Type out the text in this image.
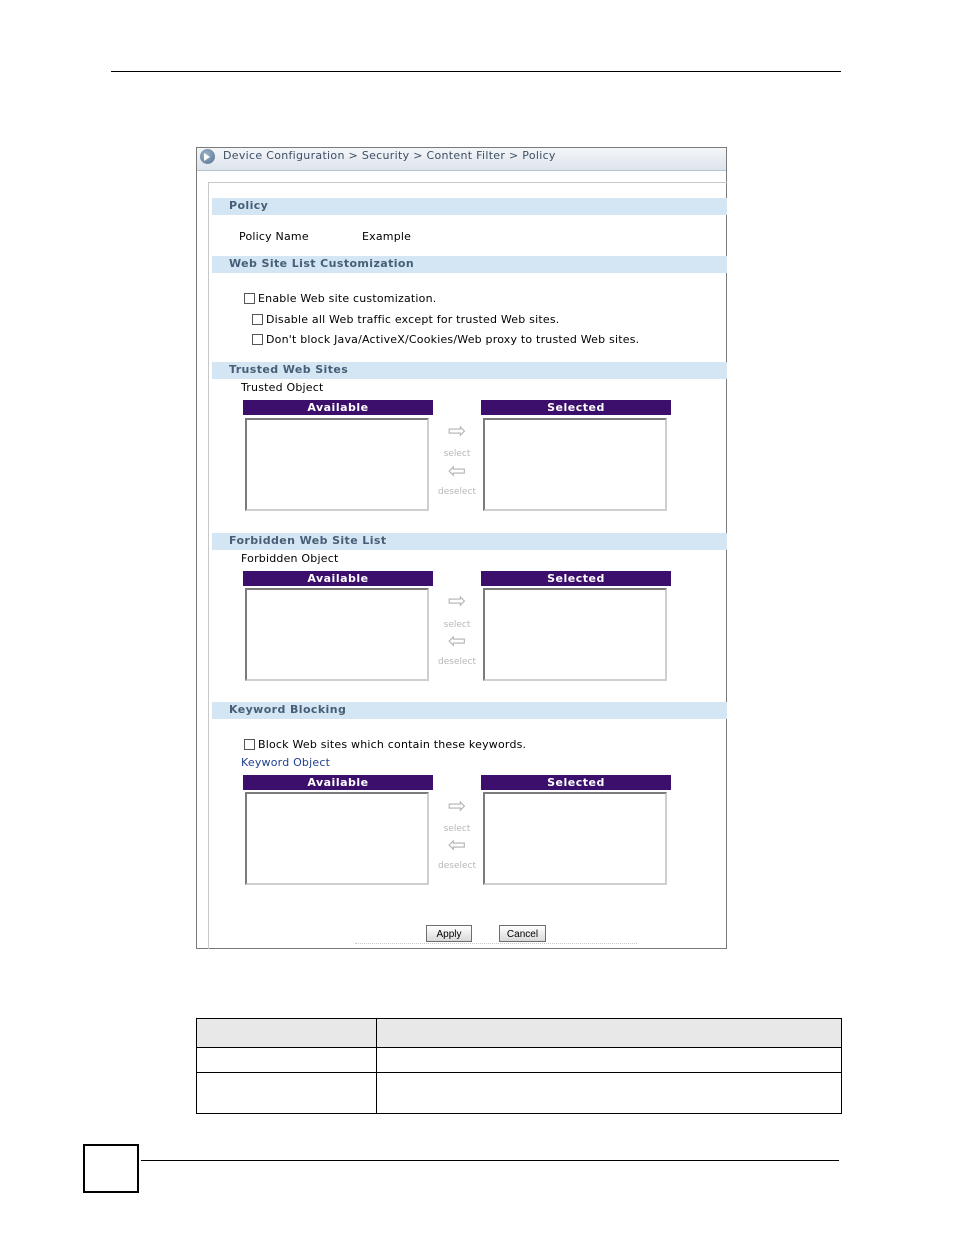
Device Configuration > Security > Content Filter > Policy
Policy
Policy Name	Example
Web Site List Customization
Enable Web site customization.
Disable all Web traffic except for trusted Web sites.
Don't block Java/ActiveX/Cookies/Web proxy to trusted Web sites.
Trusted Web Sites
Trusted Object
Available	Selected
⇨
select
⇦
deselect
Forbidden Web Site List
Forbidden Object
Available	Selected
⇨
select
⇦
deselect
Keyword Blocking
Block Web sites which contain these keywords.
Keyword Object
Available	Selected
⇨
select
⇦
deselect
Apply	Cancel
